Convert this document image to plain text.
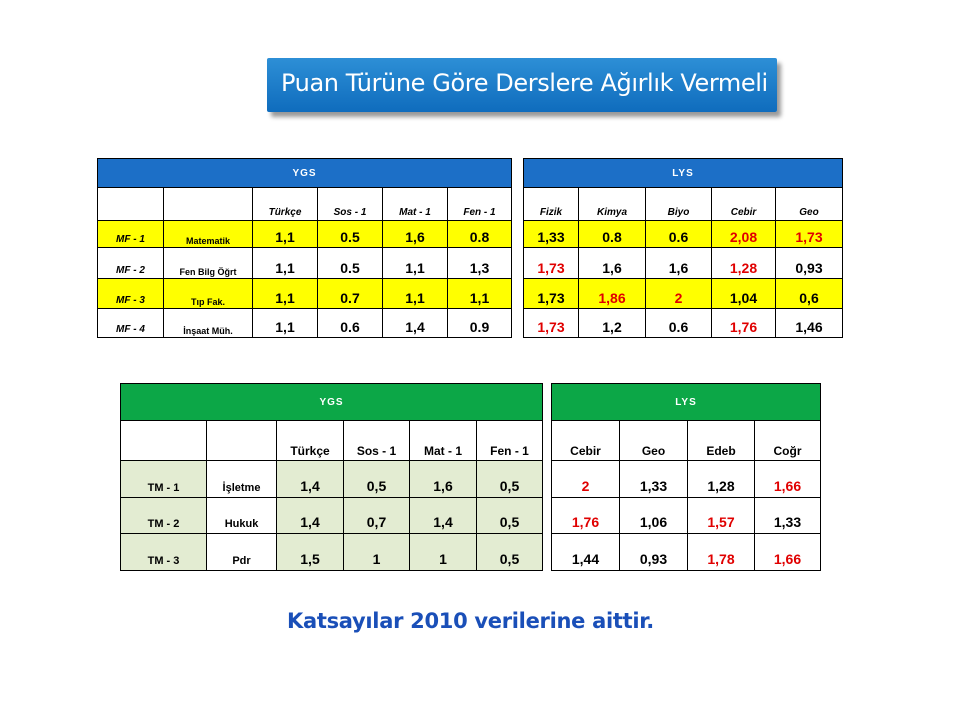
Puan Türüne Göre Derslere Ağırlık Vermeli
YGS							LYS				
		Türkçe	Sos - 1	Mat - 1	Fen - 1		Fizik	Kimya	Biyo	Cebir	Geo
MF - 1	Matematik	1,1	0.5	1,6	0.8		1,33	0.8	0.6	2,08	1,73
MF - 2	Fen Bilg Öğrt	1,1	0.5	1,1	1,3		1,73	1,6	1,6	1,28	0,93
MF - 3	Tıp Fak.	1,1	0.7	1,1	1,1		1,73	1,86	2	1,04	0,6
MF - 4	İnşaat Müh.	1,1	0.6	1,4	0.9		1,73	1,2	0.6	1,76	1,46
YGS							LYS			
		Türkçe	Sos - 1	Mat - 1	Fen - 1		Cebir	Geo	Edeb	Coğr
TM - 1	İşletme	1,4	0,5	1,6	0,5		2	1,33	1,28	1,66
TM - 2	Hukuk	1,4	0,7	1,4	0,5		1,76	1,06	1,57	1,33
TM - 3	Pdr	1,5	1	1	0,5		1,44	0,93	1,78	1,66
Katsayılar 2010 verilerine aittir.
